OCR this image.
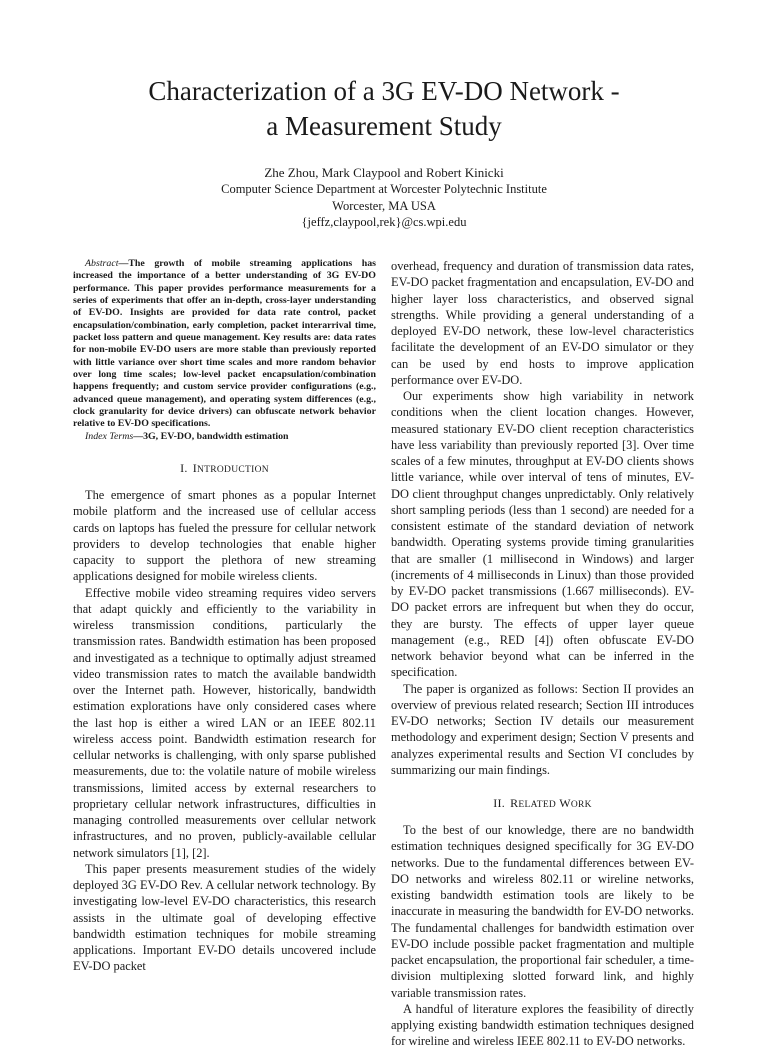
Characterization of a 3G EV-DO Network -
a Measurement Study
Zhe Zhou, Mark Claypool and Robert Kinicki
Computer Science Department at Worcester Polytechnic Institute
Worcester, MA USA
{jeffz,claypool,rek}@cs.wpi.edu

Abstract—The growth of mobile streaming applications has increased the importance of a better understanding of 3G EV-DO performance. This paper provides performance measurements for a series of experiments that offer an in-depth, cross-layer understanding of EV-DO. Insights are provided for data rate control, packet encapsulation/combination, early completion, packet interarrival time, packet loss pattern and queue management. Key results are: data rates for non-mobile EV-DO users are more stable than previously reported with little variance over short time scales and more random behavior over long time scales; low-level packet encapsulation/combination happens frequently; and custom service provider configurations (e.g., advanced queue management), and operating system differences (e.g., clock granularity for device drivers) can obfuscate network behavior relative to EV-DO specifications.

Index Terms—3G, EV-DO, bandwidth estimation

I. INTRODUCTION

The emergence of smart phones as a popular Internet mobile platform and the increased use of cellular access cards on laptops has fueled the pressure for cellular network providers to develop technologies that enable higher capacity to support the plethora of new streaming applications designed for mobile wireless clients.

Effective mobile video streaming requires video servers that adapt quickly and efficiently to the variability in wireless transmission conditions, particularly the transmission rates. Bandwidth estimation has been proposed and investigated as a technique to optimally adjust streamed video transmission rates to match the available bandwidth over the Internet path. However, historically, bandwidth estimation explorations have only considered cases where the last hop is either a wired LAN or an IEEE 802.11 wireless access point. Bandwidth estimation research for cellular networks is challenging, with only sparse published measurements, due to: the volatile nature of mobile wireless transmissions, limited access by external researchers to proprietary cellular network infrastructures, difficulties in managing controlled measurements over cellular network infrastructures, and no proven, publicly-available cellular network simulators [1], [2].

This paper presents measurement studies of the widely deployed 3G EV-DO Rev. A cellular network technology. By investigating low-level EV-DO characteristics, this research assists in the ultimate goal of developing effective bandwidth estimation techniques for mobile streaming applications. Important EV-DO details uncovered include EV-DO packet

overhead, frequency and duration of transmission data rates, EV-DO packet fragmentation and encapsulation, EV-DO and higher layer loss characteristics, and observed signal strengths. While providing a general understanding of a deployed EV-DO network, these low-level characteristics facilitate the development of an EV-DO simulator or they can be used by end hosts to improve application performance over EV-DO.

Our experiments show high variability in network conditions when the client location changes. However, measured stationary EV-DO client reception characteristics have less variability than previously reported [3]. Over time scales of a few minutes, throughput at EV-DO clients shows little variance, while over interval of tens of minutes, EV-DO client throughput changes unpredictably. Only relatively short sampling periods (less than 1 second) are needed for a consistent estimate of the standard deviation of network bandwidth. Operating systems provide timing granularities that are smaller (1 millisecond in Windows) and larger (increments of 4 milliseconds in Linux) than those provided by EV-DO packet transmissions (1.667 milliseconds). EV-DO packet errors are infrequent but when they do occur, they are bursty. The effects of upper layer queue management (e.g., RED [4]) often obfuscate EV-DO network behavior beyond what can be inferred in the specification.

The paper is organized as follows: Section II provides an overview of previous related research; Section III introduces EV-DO networks; Section IV details our measurement methodology and experiment design; Section V presents and analyzes experimental results and Section VI concludes by summarizing our main findings.

II. RELATED WORK

To the best of our knowledge, there are no bandwidth estimation techniques designed specifically for 3G EV-DO networks. Due to the fundamental differences between EV-DO networks and wireless 802.11 or wireline networks, existing bandwidth estimation tools are likely to be inaccurate in measuring the bandwidth for EV-DO networks. The fundamental challenges for bandwidth estimation over EV-DO include possible packet fragmentation and multiple packet encapsulation, the proportional fair scheduler, a time-division multiplexing slotted forward link, and highly variable transmission rates.

A handful of literature explores the feasibility of directly applying existing bandwidth estimation techniques designed for wireline and wireless IEEE 802.11 to EV-DO networks.
